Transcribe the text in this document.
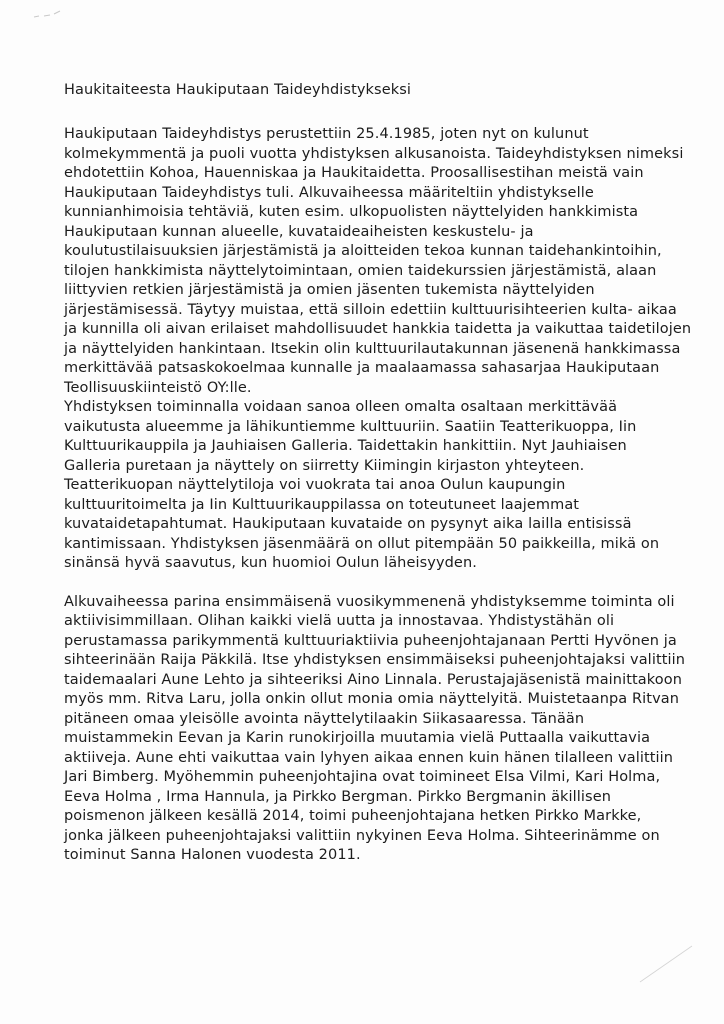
Haukitaiteesta Haukiputaan Taideyhdistykseksi
Haukiputaan Taideyhdistys perustettiin 25.4.1985, joten nyt on kulunut
kolmekymmentä ja puoli vuotta yhdistyksen alkusanoista. Taideyhdistyksen nimeksi
ehdotettiin Kohoa, Hauenniskaa ja Haukitaidetta. Proosallisestihan meistä vain
Haukiputaan Taideyhdistys tuli. Alkuvaiheessa määriteltiin yhdistykselle
kunnianhimoisia tehtäviä, kuten esim. ulkopuolisten näyttelyiden hankkimista
Haukiputaan kunnan alueelle, kuvataideaiheisten keskustelu- ja
koulutustilaisuuksien järjestämistä ja aloitteiden tekoa kunnan taidehankintoihin,
tilojen hankkimista näyttelytoimintaan, omien taidekurssien järjestämistä, alaan
liittyvien retkien järjestämistä ja omien jäsenten tukemista näyttelyiden
järjestämisessä. Täytyy muistaa, että silloin edettiin kulttuurisihteerien kulta- aikaa
ja kunnilla oli aivan erilaiset mahdollisuudet hankkia taidetta ja vaikuttaa taidetilojen
ja näyttelyiden hankintaan. Itsekin olin kulttuurilautakunnan jäsenenä hankkimassa
merkittävää patsaskokoelmaa kunnalle ja maalaamassa sahasarjaa Haukiputaan
Teollisuuskiinteistö OY:lle.
Yhdistyksen toiminnalla voidaan sanoa olleen omalta osaltaan merkittävää
vaikutusta alueemme ja lähikuntiemme kulttuuriin. Saatiin Teatterikuoppa, Iin
Kulttuurikauppila ja Jauhiaisen Galleria. Taidettakin hankittiin. Nyt Jauhiaisen
Galleria puretaan ja näyttely on siirretty Kiimingin kirjaston yhteyteen.
Teatterikuopan näyttelytiloja voi vuokrata tai anoa Oulun kaupungin
kulttuuritoimelta ja Iin Kulttuurikauppilassa on toteutuneet laajemmat
kuvataidetapahtumat. Haukiputaan kuvataide on pysynyt aika lailla entisissä
kantimissaan. Yhdistyksen jäsenmäärä on ollut pitempään 50 paikkeilla, mikä on
sinänsä hyvä saavutus, kun huomioi Oulun läheisyyden.
Alkuvaiheessa parina ensimmäisenä vuosikymmenenä yhdistyksemme toiminta oli
aktiivisimmillaan. Olihan kaikki vielä uutta ja innostavaa. Yhdistystähän oli
perustamassa parikymmentä kulttuuriaktiivia puheenjohtajanaan Pertti Hyvönen ja
sihteerinään Raija Päkkilä. Itse yhdistyksen ensimmäiseksi puheenjohtajaksi valittiin
taidemaalari Aune Lehto ja sihteeriksi Aino Linnala. Perustajajäsenistä mainittakoon
myös mm. Ritva Laru, jolla onkin ollut monia omia näyttelyitä. Muistetaanpa Ritvan
pitäneen omaa yleisölle avointa näyttelytilaakin Siikasaaressa. Tänään
muistammekin Eevan ja Karin runokirjoilla muutamia vielä Puttaalla vaikuttavia
aktiiveja. Aune ehti vaikuttaa vain lyhyen aikaa ennen kuin hänen tilalleen valittiin
Jari Bimberg. Myöhemmin puheenjohtajina ovat toimineet Elsa Vilmi, Kari Holma,
Eeva Holma , Irma Hannula, ja Pirkko Bergman. Pirkko Bergmanin äkillisen
poismenon jälkeen kesällä 2014, toimi puheenjohtajana hetken Pirkko Markke,
jonka jälkeen puheenjohtajaksi valittiin nykyinen Eeva Holma. Sihteerinämme on
toiminut Sanna Halonen vuodesta 2011.
